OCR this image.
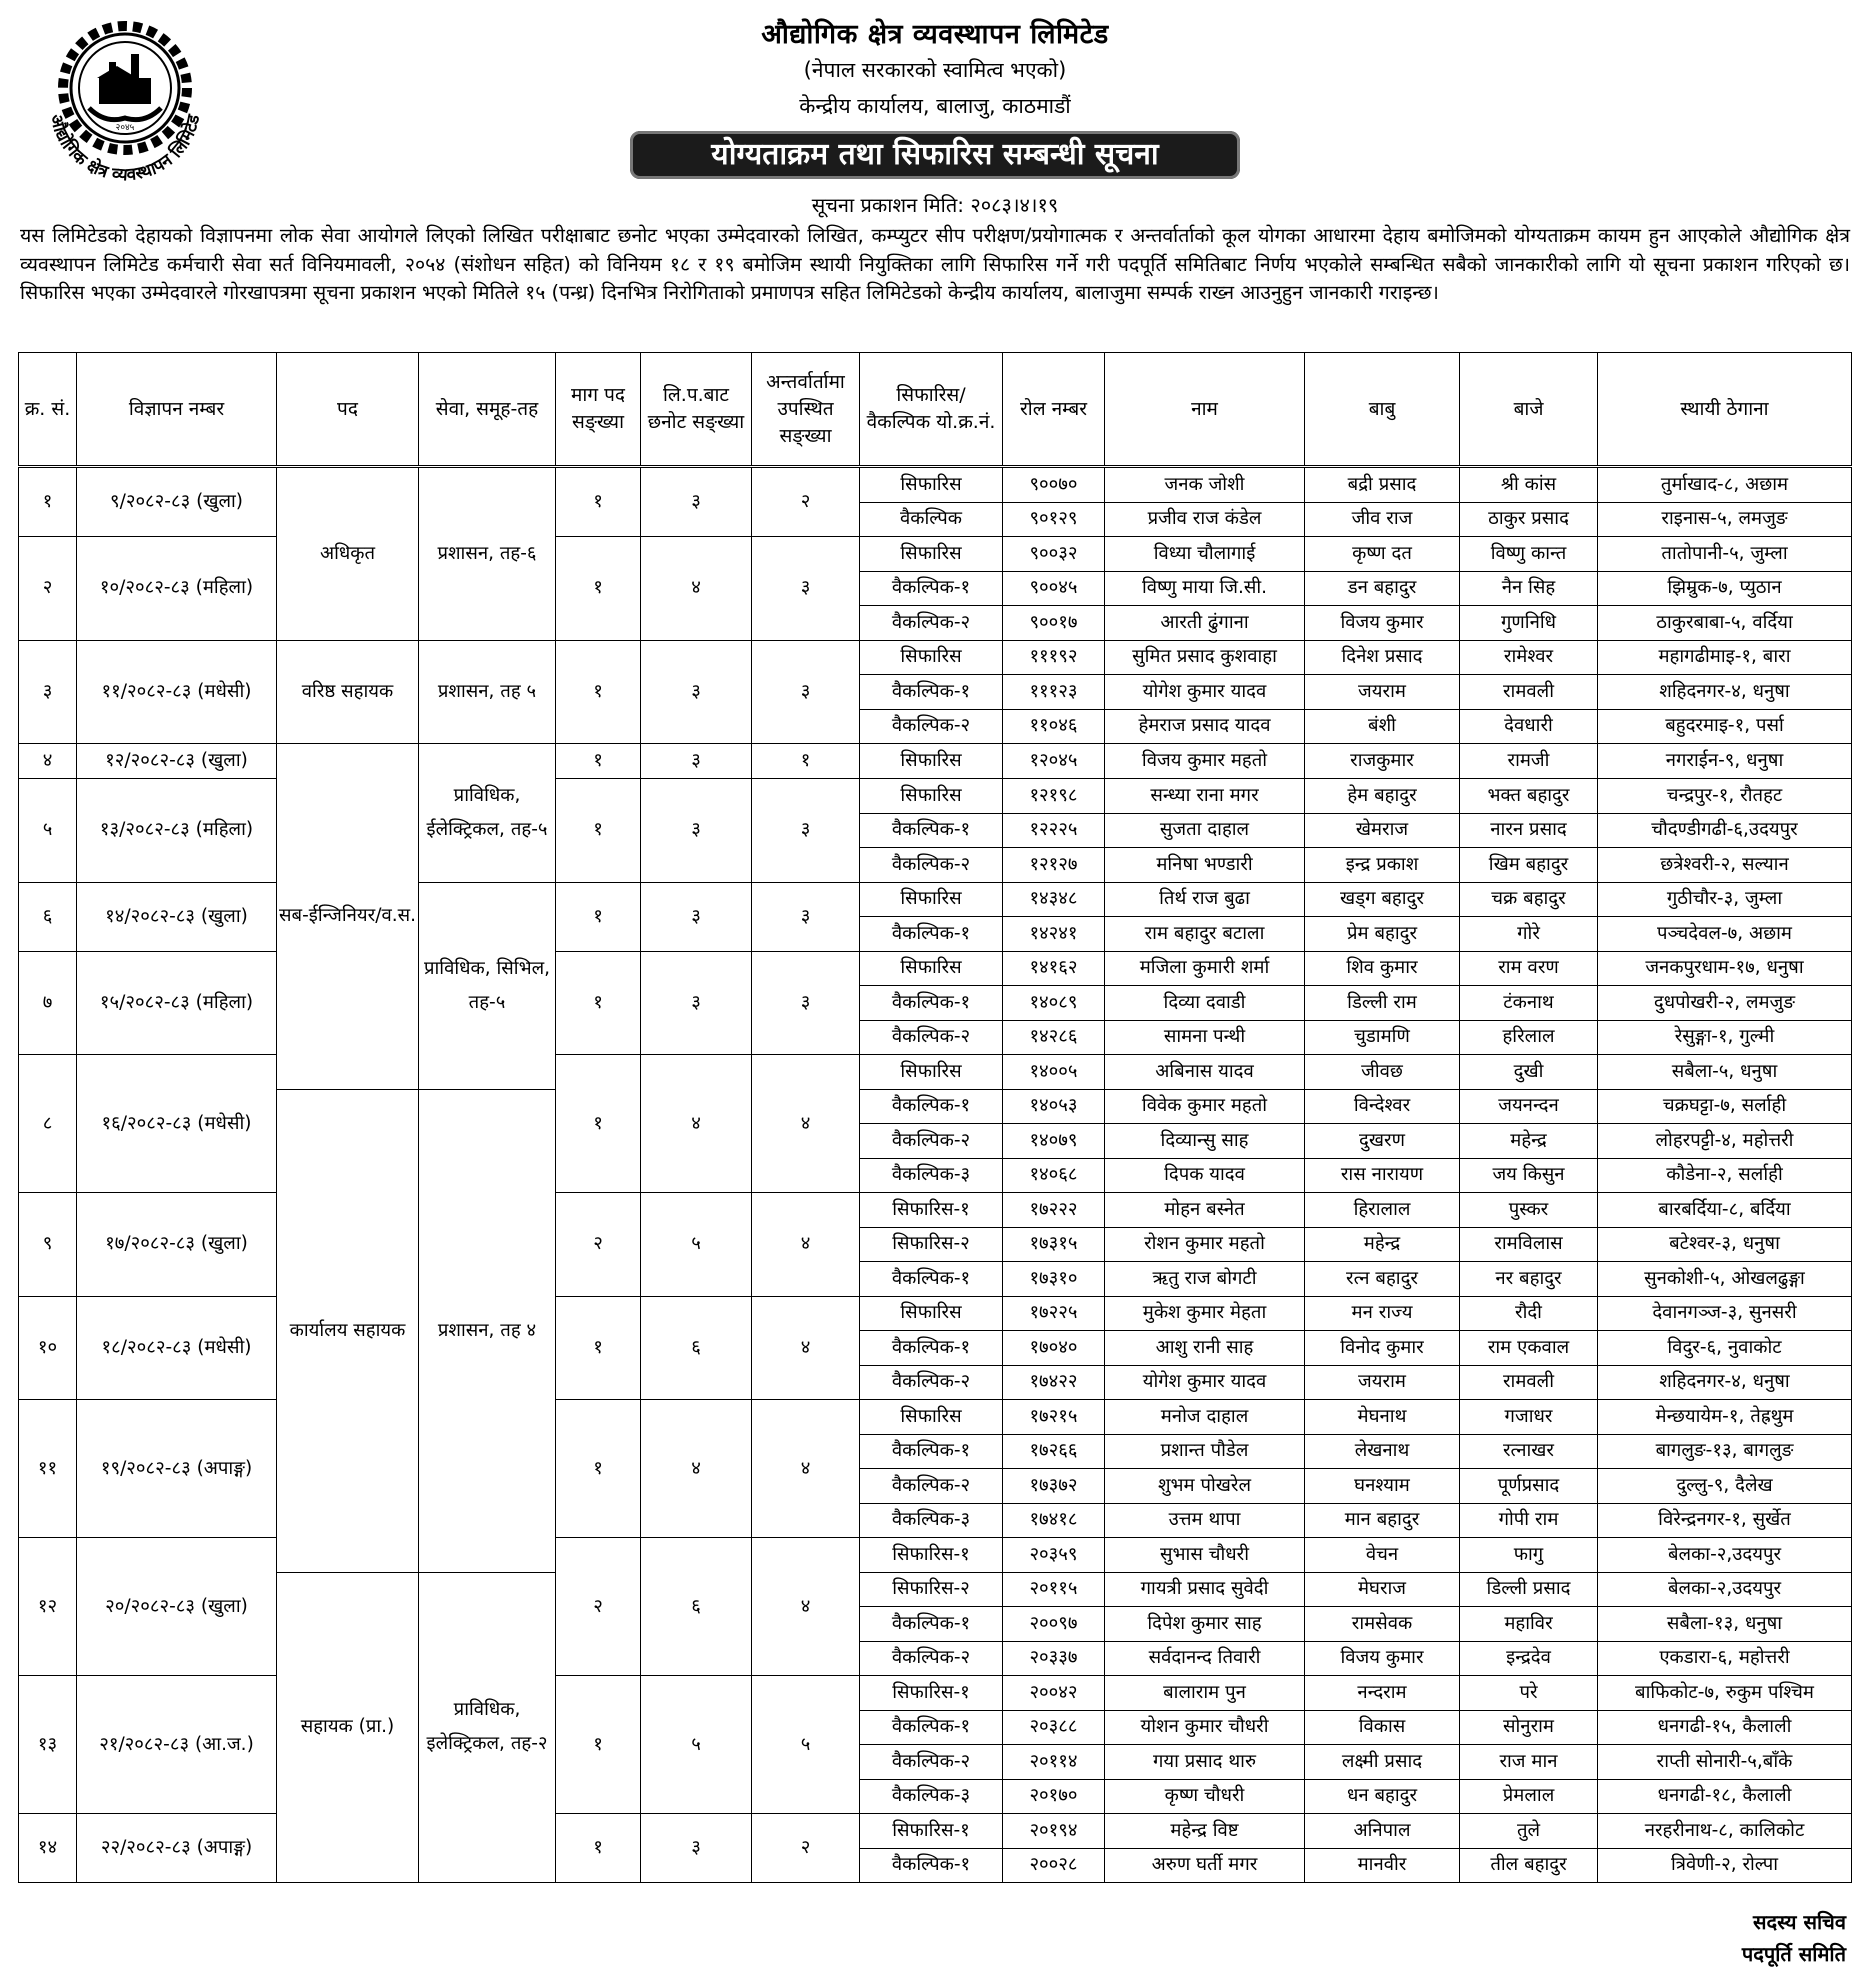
२०४५
औद्योगिक क्षेत्र व्यवस्थापन लिमिटेड
औद्योगिक क्षेत्र व्यवस्थापन लिमिटेड
(नेपाल सरकारको स्वामित्व भएको)
केन्द्रीय कार्यालय, बालाजु, काठमाडौं
योग्यताक्रम तथा सिफारिस सम्बन्धी सूचना
सूचना प्रकाशन मिति: २०८३।४।१९
यस लिमिटेडको देहायको विज्ञापनमा लोक सेवा आयोगले लिएको लिखित परीक्षाबाट छनोट भएका उम्मेदवारको लिखित, कम्प्युटर सीप परीक्षण/प्रयोगात्मक र अन्तर्वार्ताको कूल योगका आधारमा देहाय बमोजिमको योग्यताक्रम कायम हुन आएकोले औद्योगिक क्षेत्र व्यवस्थापन लिमिटेड कर्मचारी सेवा सर्त विनियमावली, २०५४ (संशोधन सहित) को विनियम १८ र १९ बमोजिम स्थायी नियुक्तिका लागि सिफारिस गर्ने गरी पदपूर्ति समितिबाट निर्णय भएकोले सम्बन्धित सबैको जानकारीको लागि यो सूचना प्रकाशन गरिएको छ। सिफारिस भएका उम्मेदवारले गोरखापत्रमा सूचना प्रकाशन भएको मितिले १५ (पन्ध्र) दिनभित्र निरोगिताको प्रमाणपत्र सहित लिमिटेडको केन्द्रीय कार्यालय, बालाजुमा सम्पर्क राख्न आउनुहुन जानकारी गराइन्छ।
क्र. सं.	विज्ञापन नम्बर	पद	सेवा, समूह-तह	माग पद सङ्ख्या	लि.प.बाट छनोट सङ्ख्या	अन्तर्वार्तामा उपस्थित सङ्ख्या	सिफारिस/ वैकल्पिक यो.क्र.नं.	रोल नम्बर	नाम	बाबु	बाजे	स्थायी ठेगाना
१	९/२०८२-८३ (खुला)	अधिकृत	प्रशासन, तह-६	१	३	२	सिफारिस	९००७०	जनक जोशी	बद्री प्रसाद	श्री कांस	तुर्माखाद-८, अछाम
							वैकल्पिक	९०१२९	प्रजीव राज कंडेल	जीव राज	ठाकुर प्रसाद	राइनास-५, लमजुङ
२	१०/२०८२-८३ (महिला)			१	४	३	सिफारिस	९००३२	विध्या चौलागाई	कृष्ण दत	विष्णु कान्त	तातोपानी-५, जुम्ला
							वैकल्पिक-१	९००४५	विष्णु माया जि.सी.	डन बहादुर	नैन सिह	झिम्रुक-७, प्युठान
							वैकल्पिक-२	९००१७	आरती ढुंगाना	विजय कुमार	गुणनिधि	ठाकुरबाबा-५, वर्दिया
३	११/२०८२-८३ (मधेसी)	वरिष्ठ सहायक	प्रशासन, तह ५	१	३	३	सिफारिस	१११९२	सुमित प्रसाद कुशवाहा	दिनेश प्रसाद	रामेश्वर	महागढीमाइ-१, बारा
							वैकल्पिक-१	१११२३	योगेश कुमार यादव	जयराम	रामवली	शहिदनगर-४, धनुषा
							वैकल्पिक-२	११०४६	हेमराज प्रसाद यादव	बंशी	देवधारी	बहुदरमाइ-१, पर्सा
४	१२/२०८२-८३ (खुला)	सब-ईन्जिनियर/व.स.	प्राविधिक, ईलेक्ट्रिकल, तह-५	१	३	१	सिफारिस	१२०४५	विजय कुमार महतो	राजकुमार	रामजी	नगराईन-९, धनुषा
५	१३/२०८२-८३ (महिला)			१	३	३	सिफारिस	१२१९८	सन्ध्या राना मगर	हेम बहादुर	भक्त बहादुर	चन्द्रपुर-१, रौतहट
							वैकल्पिक-१	१२२२५	सुजता दाहाल	खेमराज	नारन प्रसाद	चौदण्डीगढी-६,उदयपुर
							वैकल्पिक-२	१२१२७	मनिषा भण्डारी	इन्द्र प्रकाश	खिम बहादुर	छत्रेश्वरी-२, सल्यान
६	१४/२०८२-८३ (खुला)		प्राविधिक, सिभिल, तह-५	१	३	३	सिफारिस	१४३४८	तिर्थ राज बुढा	खड्ग बहादुर	चक्र बहादुर	गुठीचौर-३, जुम्ला
							वैकल्पिक-१	१४२४१	राम बहादुर बटाला	प्रेम बहादुर	गोरे	पञ्चदेवल-७, अछाम
७	१५/२०८२-८३ (महिला)			१	३	३	सिफारिस	१४१६२	मजिला कुमारी शर्मा	शिव कुमार	राम वरण	जनकपुरधाम-१७, धनुषा
							वैकल्पिक-१	१४०८९	दिव्या दवाडी	डिल्ली राम	टंकनाथ	दुधपोखरी-२, लमजुङ
							वैकल्पिक-२	१४२८६	सामना पन्थी	चुडामणि	हरिलाल	रेसुङ्गा-१, गुल्मी
८	१६/२०८२-८३ (मधेसी)			१	४	४	सिफारिस	१४००५	अबिनास यादव	जीवछ	दुखी	सबैला-५, धनुषा
		कार्यालय सहायक	प्रशासन, तह ४				वैकल्पिक-१	१४०५३	विवेक कुमार महतो	विन्देश्वर	जयनन्दन	चक्रघट्टा-७, सर्लाही
							वैकल्पिक-२	१४०७९	दिव्यान्सु साह	दुखरण	महेन्द्र	लोहरपट्टी-४, महोत्तरी
							वैकल्पिक-३	१४०६८	दिपक यादव	रास नारायण	जय किसुन	कौडेना-२, सर्लाही
९	१७/२०८२-८३ (खुला)			२	५	४	सिफारिस-१	१७२२२	मोहन बस्नेत	हिरालाल	पुस्कर	बारबर्दिया-८, बर्दिया
							सिफारिस-२	१७३१५	रोशन कुमार महतो	महेन्द्र	रामविलास	बटेश्वर-३, धनुषा
							वैकल्पिक-१	१७३१०	ऋतु राज बोगटी	रत्न बहादुर	नर बहादुर	सुनकोशी-५, ओखलढुङ्गा
१०	१८/२०८२-८३ (मधेसी)			१	६	४	सिफारिस	१७२२५	मुकेश कुमार मेहता	मन राज्य	रौदी	देवानगञ्ज-३, सुनसरी
							वैकल्पिक-१	१७०४०	आशु रानी साह	विनोद कुमार	राम एकवाल	विदुर-६, नुवाकोट
							वैकल्पिक-२	१७४२२	योगेश कुमार यादव	जयराम	रामवली	शहिदनगर-४, धनुषा
११	१९/२०८२-८३ (अपाङ्ग)			१	४	४	सिफारिस	१७२१५	मनोज दाहाल	मेघनाथ	गजाधर	मेन्छयायेम-१, तेह्रथुम
							वैकल्पिक-१	१७२६६	प्रशान्त पौडेल	लेखनाथ	रत्नाखर	बागलुङ-१३, बागलुङ
							वैकल्पिक-२	१७३७२	शुभम पोखरेल	घनश्याम	पूर्णप्रसाद	दुल्लु-९, दैलेख
							वैकल्पिक-३	१७४१८	उत्तम थापा	मान बहादुर	गोपी राम	विरेन्द्रनगर-१, सुर्खेत
१२	२०/२०८२-८३ (खुला)			२	६	४	सिफारिस-१	२०३५९	सुभास चौधरी	वेचन	फागु	बेलका-२,उदयपुर
		सहायक (प्रा.)	प्राविधिक, इलेक्ट्रिकल, तह-२				सिफारिस-२	२०११५	गायत्री प्रसाद सुवेदी	मेघराज	डिल्ली प्रसाद	बेलका-२,उदयपुर
							वैकल्पिक-१	२००९७	दिपेश कुमार साह	रामसेवक	महाविर	सबैला-१३, धनुषा
							वैकल्पिक-२	२०३३७	सर्वदानन्द तिवारी	विजय कुमार	इन्द्रदेव	एकडारा-६, महोत्तरी
१३	२१/२०८२-८३ (आ.ज.)			१	५	५	सिफारिस-१	२००४२	बालाराम पुन	नन्दराम	परे	बाफिकोट-७, रुकुम पश्चिम
							वैकल्पिक-१	२०३८८	योशन कुमार चौधरी	विकास	सोनुराम	धनगढी-१५, कैलाली
							वैकल्पिक-२	२०११४	गया प्रसाद थारु	लक्ष्मी प्रसाद	राज मान	राप्ती सोनारी-५,बाँके
							वैकल्पिक-३	२०१७०	कृष्ण चौधरी	धन बहादुर	प्रेमलाल	धनगढी-१८, कैलाली
१४	२२/२०८२-८३ (अपाङ्ग)			१	३	२	सिफारिस-१	२०१९४	महेन्द्र विष्ट	अनिपाल	तुले	नरहरीनाथ-८, कालिकोट
							वैकल्पिक-१	२००२८	अरुण घर्ती मगर	मानवीर	तील बहादुर	त्रिवेणी-२, रोल्पा
सदस्य सचिव
पदपूर्ति समिति
